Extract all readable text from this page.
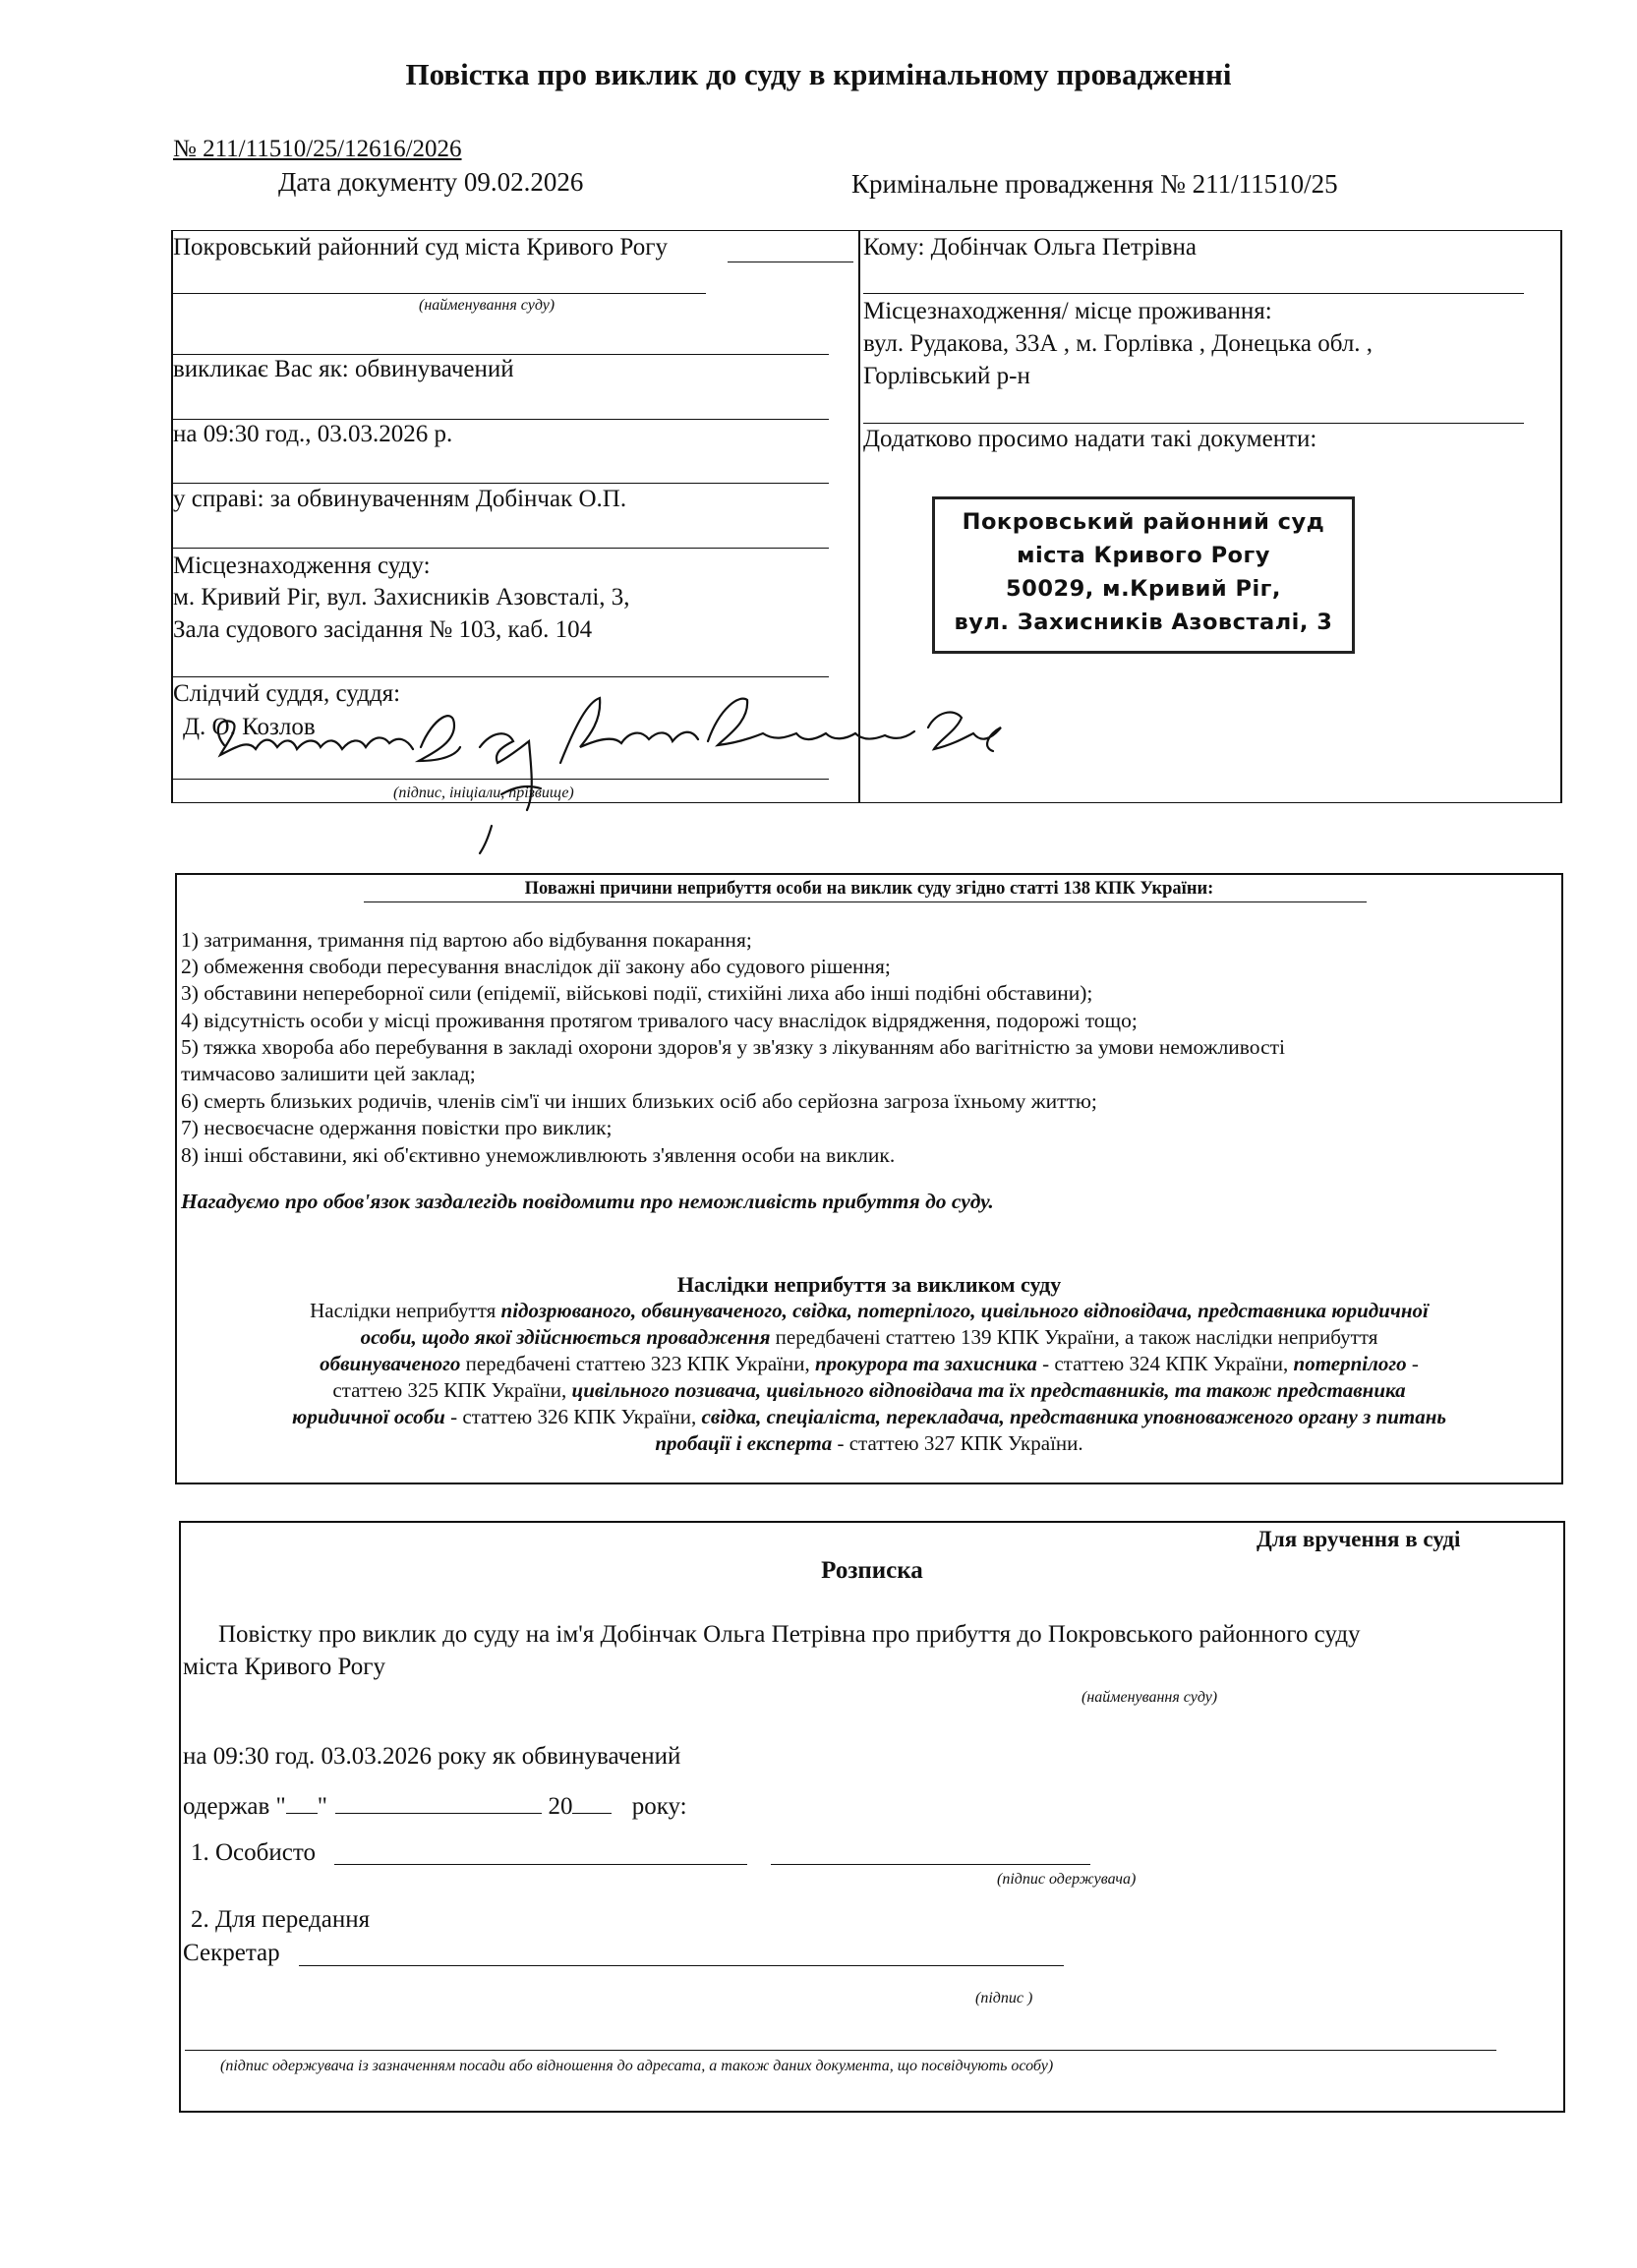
Повістка про виклик до суду в кримінальному провадженні
№ 211/11510/25/12616/2026
Дата документу 09.02.2026	Кримінальне провадження № 211/11510/25
Покровський районний суд міста Кривого Рогу
(найменування суду)
викликає Вас як: обвинувачений
на 09:30 год., 03.03.2026 р.
у справі: за обвинуваченням Добінчак О.П.
Місцезнаходження суду:
м. Кривий Ріг, вул. Захисників Азовсталі, 3,
Зала судового засідання № 103, каб. 104
Слідчий суддя, суддя:
Д. О. Козлов
(підпис, ініціали, прізвище)
Кому: Добінчак Ольга Петрівна
Місцезнаходження/ місце проживання:
вул. Рудакова, 33А , м. Горлівка , Донецька обл. ,
Горлівський р-н
Додатково просимо надати такі документи:
Покровський районний суд
міста Кривого Рогу
50029, м.Кривий Ріг,
вул. Захисників Азовсталі, 3
Поважні причини неприбуття особи на виклик суду згідно статті 138 КПК України:
1) затримання, тримання під вартою або відбування покарання;
2) обмеження свободи пересування внаслідок дії закону або судового рішення;
3) обставини непереборної сили (епідемії, військові події, стихійні лиха або інші подібні обставини);
4) відсутність особи у місці проживання протягом тривалого часу внаслідок відрядження, подорожі тощо;
5) тяжка хвороба або перебування в закладі охорони здоров'я у зв'язку з лікуванням або вагітністю за умови неможливості
тимчасово залишити цей заклад;
6) смерть близьких родичів, членів сім'ї чи інших близьких осіб або серйозна загроза їхньому життю;
7) несвоєчасне одержання повістки про виклик;
8) інші обставини, які об'єктивно унеможливлюють з'явлення особи на виклик.
Нагадуємо про обов'язок заздалегідь повідомити про неможливість прибуття до суду.
Наслідки неприбуття за викликом суду
Наслідки неприбуття підозрюваного, обвинуваченого, свідка, потерпілого, цивільного відповідача, представника юридичної
особи, щодо якої здійснюється провадження передбачені статтею 139 КПК України, а також наслідки неприбуття
обвинуваченого передбачені статтею 323 КПК України, прокурора та захисника - статтею 324 КПК України, потерпілого -
статтею 325 КПК України, цивільного позивача, цивільного відповідача та їх представників, та також представника
юридичної особи - статтею 326 КПК України, свідка, спеціаліста, перекладача, представника уповноваженого органу з питань
пробації і експерта - статтею 327 КПК України.
Для вручення в суді
Розписка
Повістку про виклик до суду на ім'я Добінчак Ольга Петрівна про прибуття до Покровського районного суду
міста Кривого Рогу
(найменування суду)
на 09:30 год. 03.03.2026 року як обвинувачений
одержав " "	20 року:
1. Особисто
(підпис одержувача)
2. Для передання
Секретар
(підпис )
(підпис одержувача із зазначенням посади або відношення до адресата, а також даних документа, що посвідчують особу)
